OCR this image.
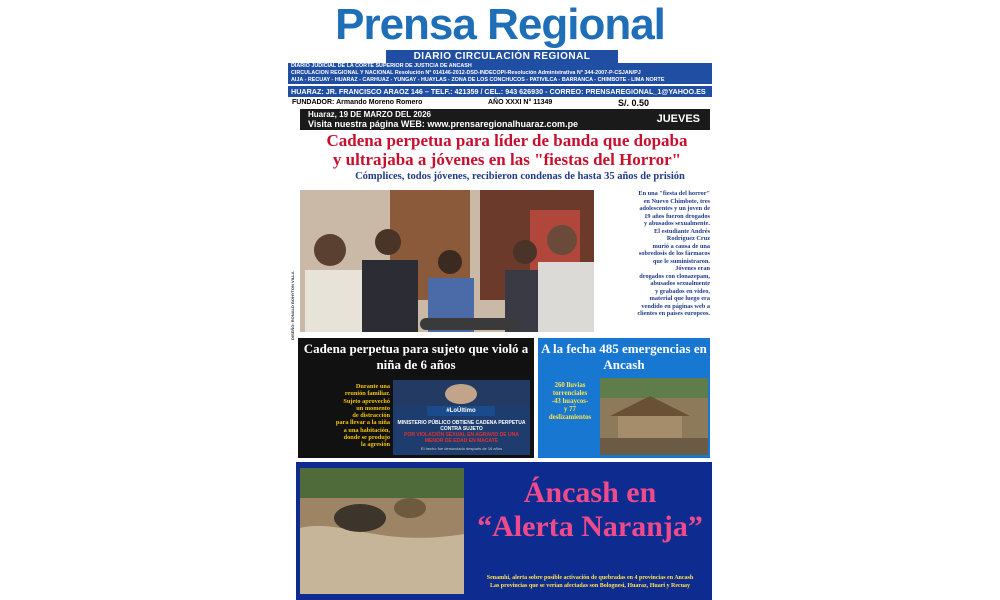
Prensa Regional
DIARIO CIRCULACIÓN REGIONAL
DIARIO JUDICIAL DE LA CORTE SUPERIOR DE JUSTICIA DE ANCASH
CIRCULACIÓN REGIONAL Y NACIONAL Resolución N° 014146-2012-DSD-INDECOPI-Resolución Administrativa N° 344-2007-P-CSJAN/PJ
AIJA - RECUAY - HUARAZ - CARHUAZ - YUNGAY - HUAYLAS - ZONA DE LOS CONCHUCOS - PATIVILCA - BARRANCA - CHIMBOTE - LIMA NORTE
HUARAZ: JR. FRANCISCO ARAOZ 146 – TELF.: 421359 / CEL.: 943 626930 - CORREO: PRENSAREGIONAL_1@YAHOO.ES
FUNDADOR: Armando Moreno Romero	AÑO XXXI N° 11349	S/. 0.50
Huaraz, 19 DE MARZO DEL 2026
Visita nuestra página WEB: www.prensaregionalhuaraz.com.pe	JUEVES
Cadena perpetua para líder de banda que dopaba
y ultrajaba a jóvenes en las "fiestas del Horror"
Cómplices, todos jóvenes, recibieron condenas de hasta 35 años de prisión
DISEÑO: RONALD BOHYTON VILLA
En una "fiesta del horror"
en Nuevo Chimbote, tres
adolescentes y un joven de
19 años fueron drogados
y abusados sexualmente.
El estudiante Andrés
Rodríguez Cruz
murió a causa de una
sobredosis de los fármacos
que le suministraron.
Jóvenes eran
drogados con clonazepam,
abusados sexualmente
y grabados en video,
material que luego era
vendido en páginas web a
clientes en países europeos.
Cadena perpetua para sujeto que violó a niña de 6 años
Durante una
reunión familiar.
Sujeto aprovechó
un momento
de distracción
para llevar a la niña
a una habitación,
donde se produjo
la agresión
#LoÚltimo
MINISTERIO PÚBLICO OBTIENE CADENA PERPETUA CONTRA SUJETO
POR VIOLACIÓN SEXUAL EN AGRAVIO DE UNA MENOR DE EDAD EN MACATE
El hecho fue denunciado después de 16 años
A la fecha 485 emergencias en Ancash
260 lluvias
torrenciales
-43 huaycos-
y 77
deslizamientos
Áncash en
“Alerta Naranja”
Senamhi, alerta sobre posible activación de quebradas en 4 provincias en Ancash
Las provincias que se verían afectadas son Bolognesi, Huaraz, Huari y Recuay
